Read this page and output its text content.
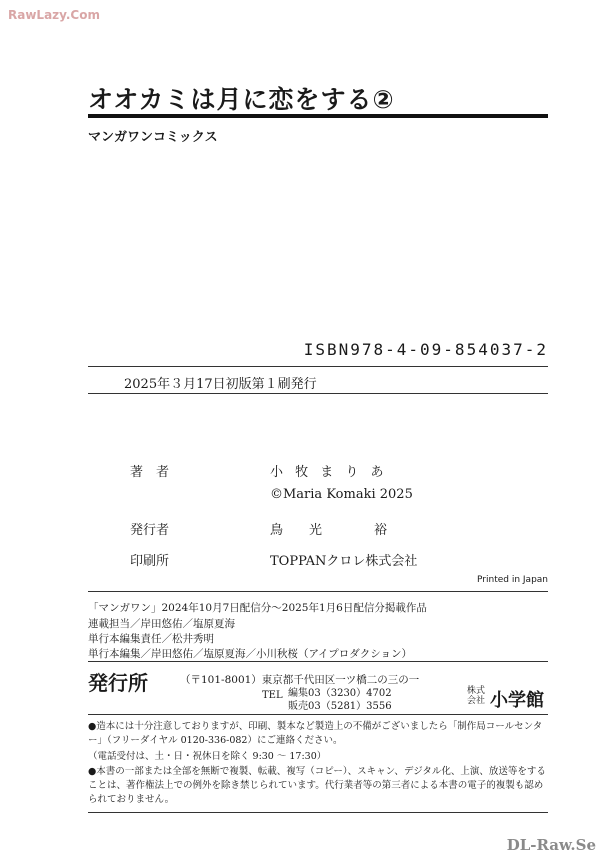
RawLazy.Com
オオカミは月に恋をする②
マンガワンコミックス
ISBN978-4-09-854037-2
2025年３月17日初版第１刷発行
著　者	小 牧 ま り あ
©Maria Komaki 2025
発行者	鳥　　光　　　　裕
印刷所	TOPPANクロレ株式会社
Printed in Japan
「マンガワン」2024年10月7日配信分～2025年1月6日配信分掲載作品
連載担当／岸田悠佑／塩原夏海
単行本編集責任／松井秀明
単行本編集／岸田悠佑／塩原夏海／小川秋桜（アイプロダクション）
発行所	（〒101-8001）東京都千代田区一ツ橋二の三の一
TEL 編集03（3230）4702
販売03（5281）3556
株式
会社 小学館
●造本には十分注意しておりますが、印刷、製本など製造上の不備がございましたら「制作局コールセンター」（フリーダイヤル 0120-336-082）にご連絡ください。
（電話受付は、土・日・祝休日を除く 9:30 ～ 17:30）
●本書の一部または全部を無断で複製、転載、複写（コピー）、スキャン、デジタル化、上演、放送等をすることは、著作権法上での例外を除き禁じられています。代行業者等の第三者による本書の電子的複製も認められておりません。
DL-Raw.Se
